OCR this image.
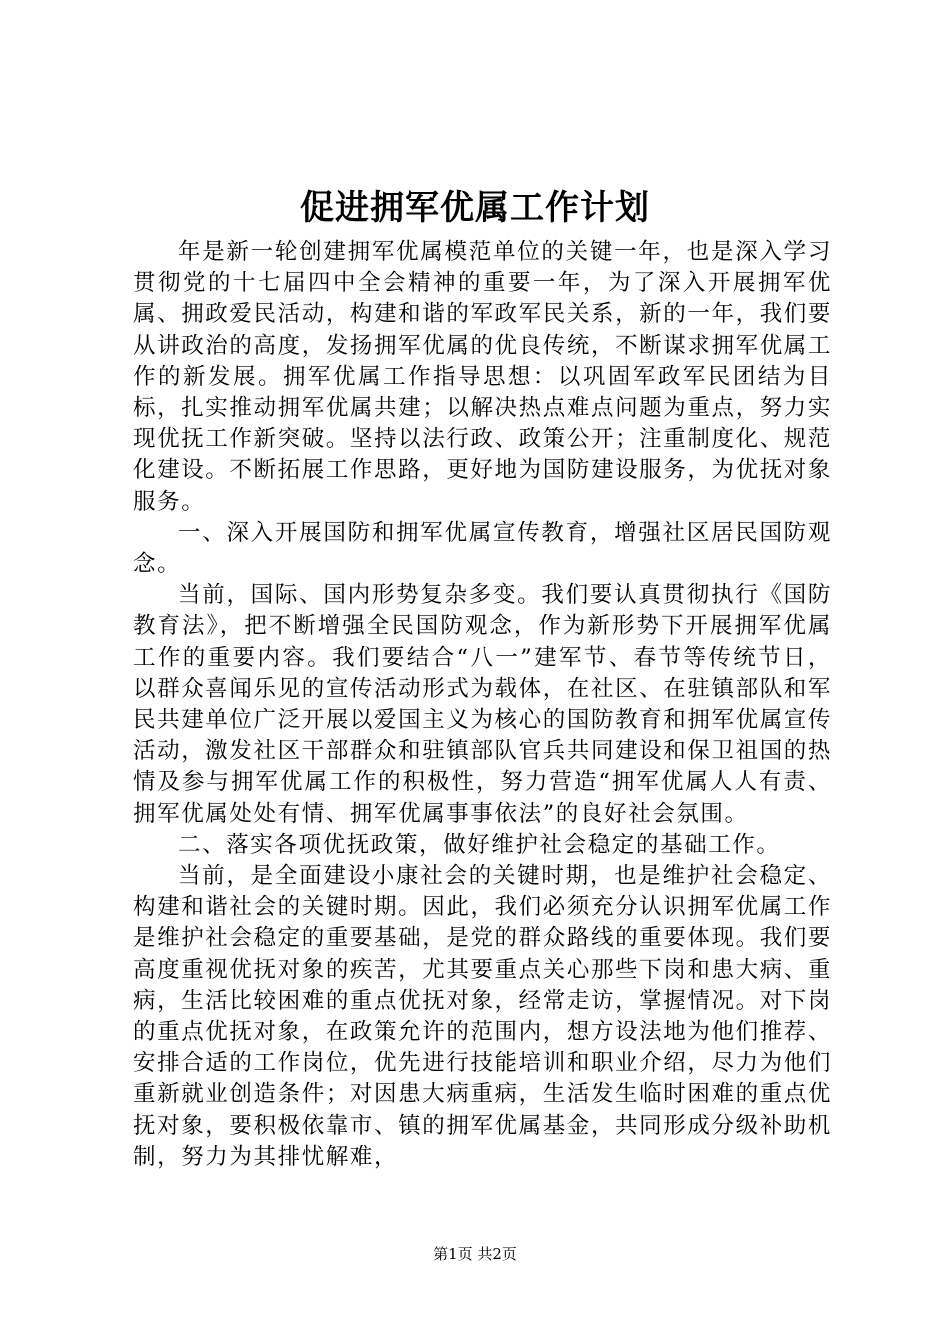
促进拥军优属工作计划

年是新一轮创建拥军优属模范单位的关键一年，也是深入学习贯彻党的十七届四中全会精神的重要一年，为了深入开展拥军优属、拥政爱民活动，构建和谐的军政军民关系，新的一年，我们要从讲政治的高度，发扬拥军优属的优良传统，不断谋求拥军优属工作的新发展。拥军优属工作指导思想：以巩固军政军民团结为目标，扎实推动拥军优属共建；以解决热点难点问题为重点，努力实现优抚工作新突破。坚持以法行政、政策公开；注重制度化、规范化建设。不断拓展工作思路，更好地为国防建设服务，为优抚对象服务。

一、深入开展国防和拥军优属宣传教育，增强社区居民国防观念。

当前，国际、国内形势复杂多变。我们要认真贯彻执行《国防教育法》，把不断增强全民国防观念，作为新形势下开展拥军优属工作的重要内容。我们要结合“八一”建军节、春节等传统节日，以群众喜闻乐见的宣传活动形式为载体，在社区、在驻镇部队和军民共建单位广泛开展以爱国主义为核心的国防教育和拥军优属宣传活动，激发社区干部群众和驻镇部队官兵共同建设和保卫祖国的热情及参与拥军优属工作的积极性，努力营造“拥军优属人人有责、拥军优属处处有情、拥军优属事事依法”的良好社会氛围。

二、落实各项优抚政策，做好维护社会稳定的基础工作。

当前，是全面建设小康社会的关键时期，也是维护社会稳定、构建和谐社会的关键时期。因此，我们必须充分认识拥军优属工作是维护社会稳定的重要基础，是党的群众路线的重要体现。我们要高度重视优抚对象的疾苦，尤其要重点关心那些下岗和患大病、重病，生活比较困难的重点优抚对象，经常走访，掌握情况。对下岗的重点优抚对象，在政策允许的范围内，想方设法地为他们推荐、安排合适的工作岗位，优先进行技能培训和职业介绍，尽力为他们重新就业创造条件；对因患大病重病，生活发生临时困难的重点优抚对象，要积极依靠市、镇的拥军优属基金，共同形成分级补助机制，努力为其排忧解难，

第1页 共2页
